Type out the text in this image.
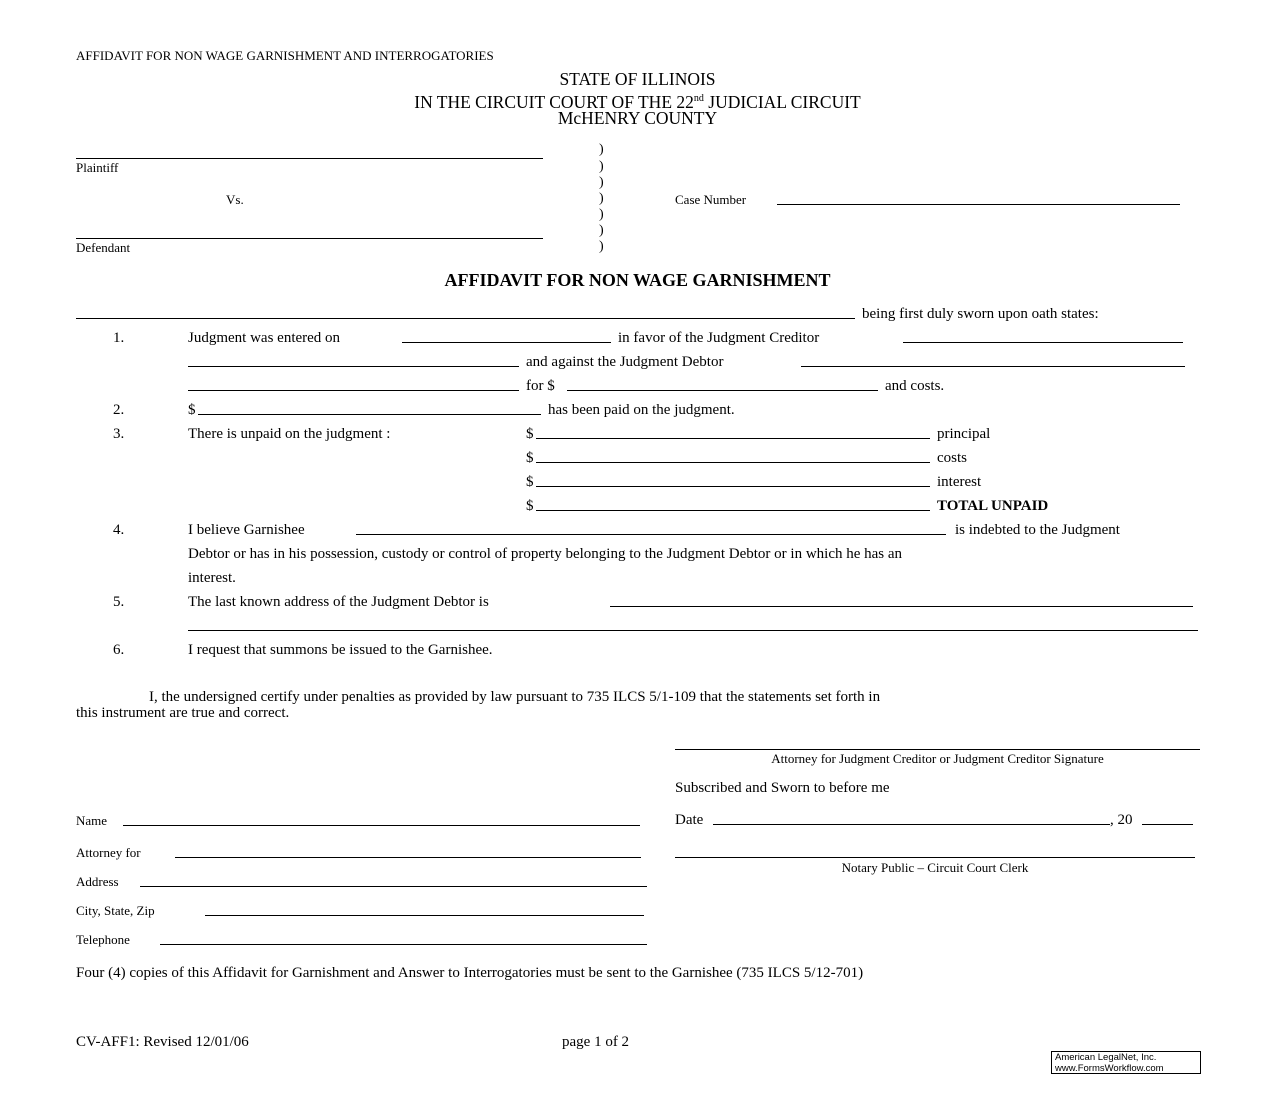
AFFIDAVIT FOR NON WAGE GARNISHMENT AND INTERROGATORIES
STATE OF ILLINOIS
IN THE CIRCUIT COURT OF THE 22nd JUDICIAL CIRCUIT
McHENRY COUNTY
Plaintiff
Vs.
Defendant
)
)
)
)
)
)
)
Case Number
AFFIDAVIT FOR NON WAGE GARNISHMENT
being first duly sworn upon oath states:
1.	Judgment was entered on	in favor of the Judgment Creditor
and against the Judgment Debtor
for $	and costs.
2.	$	has been paid on the judgment.
3.	There is unpaid on the judgment :	$	principal
$	costs
$	interest
$	TOTAL UNPAID
4.	I believe Garnishee	is indebted to the Judgment
Debtor or has in his possession, custody or control of property belonging to the Judgment Debtor or in which he has an
interest.
5.	The last known address of the Judgment Debtor is
6.	I request that summons be issued to the Garnishee.
I, the undersigned certify under penalties as provided by law pursuant to 735 ILCS 5/1-109 that the statements set forth in
this instrument are true and correct.
Attorney for Judgment Creditor or Judgment Creditor Signature
Subscribed and Sworn to before me
Date	, 20
Notary Public – Circuit Court Clerk
Name
Attorney for
Address
City, State, Zip
Telephone
Four (4) copies of this Affidavit for Garnishment and Answer to Interrogatories must be sent to the Garnishee (735 ILCS 5/12-701)
CV-AFF1: Revised 12/01/06	page 1 of 2
American LegalNet, Inc.
www.FormsWorkflow.com
